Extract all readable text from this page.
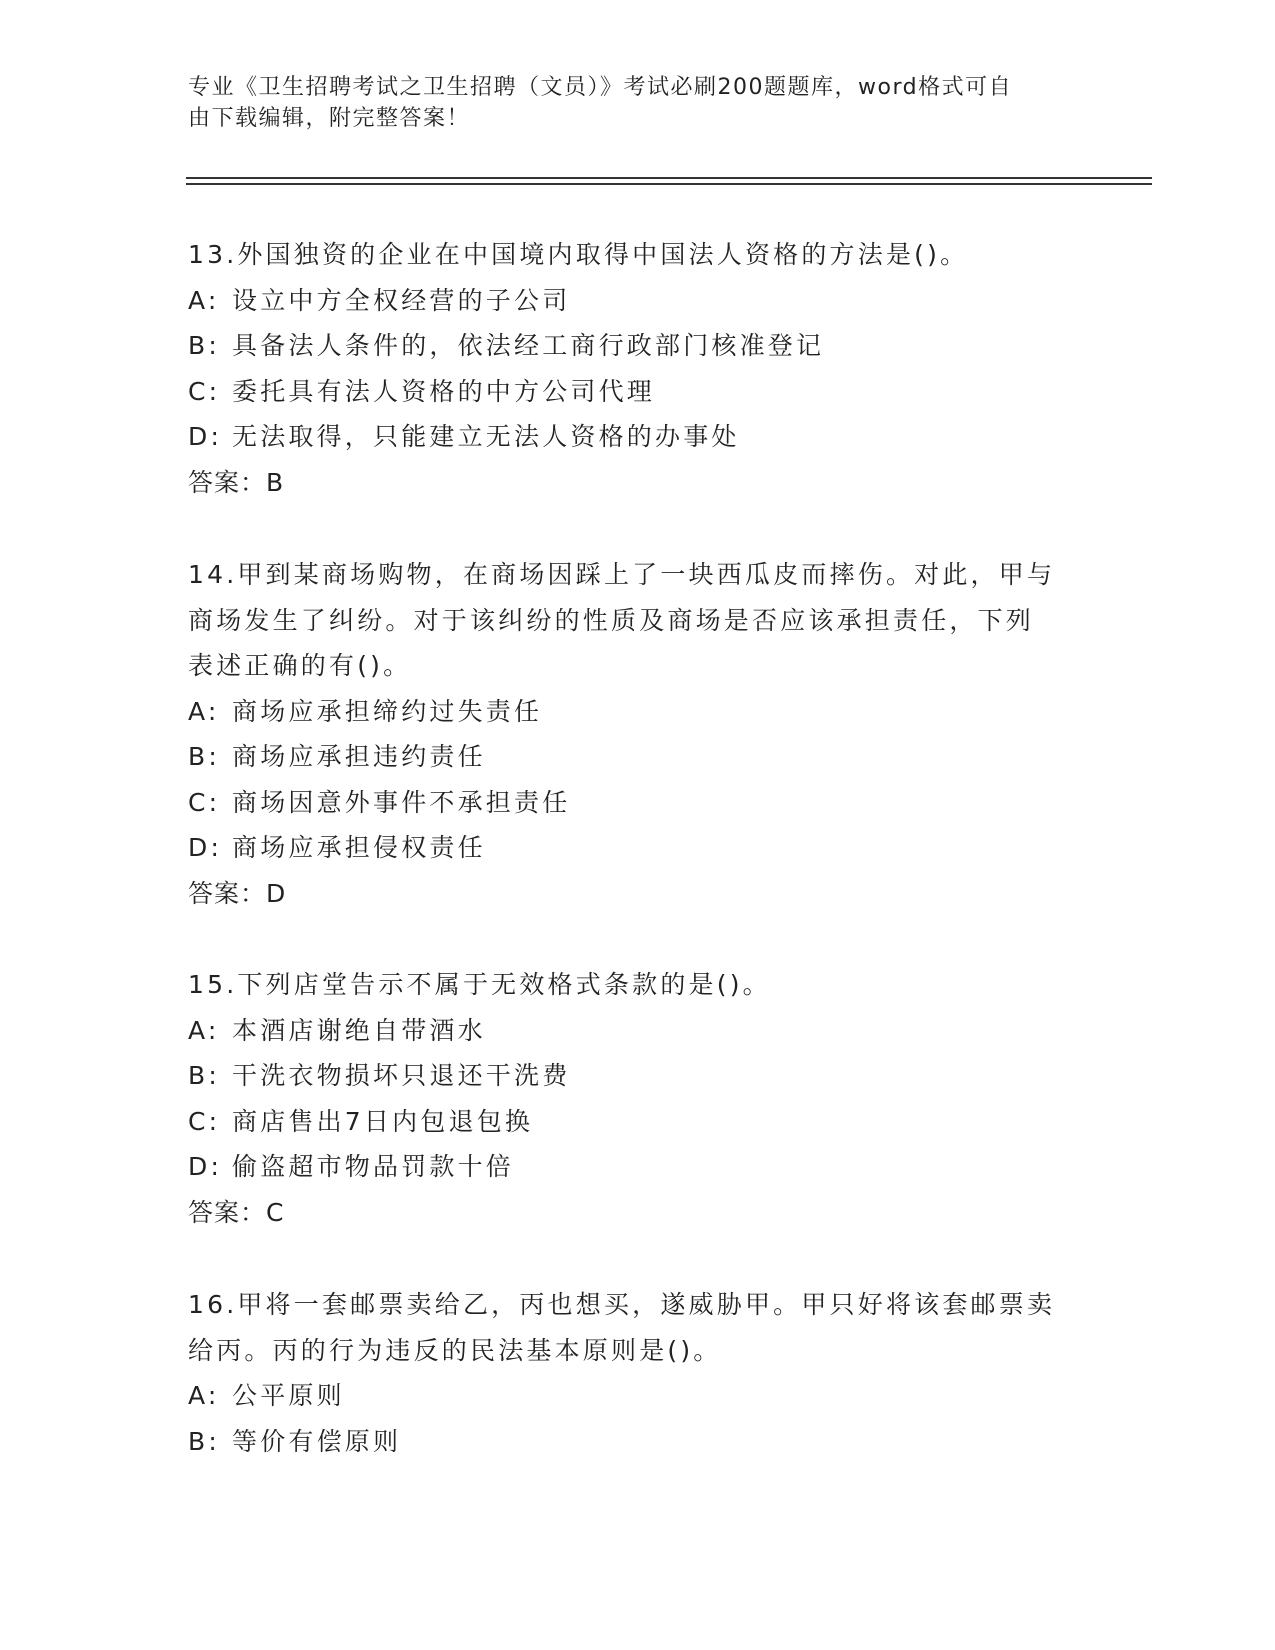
专业《卫生招聘考试之卫生招聘（文员）》考试必刷200题题库，word格式可自
由下载编辑，附完整答案！
13.外国独资的企业在中国境内取得中国法人资格的方法是()。
A: 设立中方全权经营的子公司
B: 具备法人条件的，依法经工商行政部门核准登记
C: 委托具有法人资格的中方公司代理
D: 无法取得，只能建立无法人资格的办事处
答案：B
14.甲到某商场购物，在商场因踩上了一块西瓜皮而摔伤。对此，甲与
商场发生了纠纷。对于该纠纷的性质及商场是否应该承担责任，下列
表述正确的有()。
A: 商场应承担缔约过失责任
B: 商场应承担违约责任
C: 商场因意外事件不承担责任
D: 商场应承担侵权责任
答案：D
15.下列店堂告示不属于无效格式条款的是()。
A: 本酒店谢绝自带酒水
B: 干洗衣物损坏只退还干洗费
C: 商店售出7日内包退包换
D: 偷盗超市物品罚款十倍
答案：C
16.甲将一套邮票卖给乙，丙也想买，遂威胁甲。甲只好将该套邮票卖
给丙。丙的行为违反的民法基本原则是()。
A: 公平原则
B: 等价有偿原则
